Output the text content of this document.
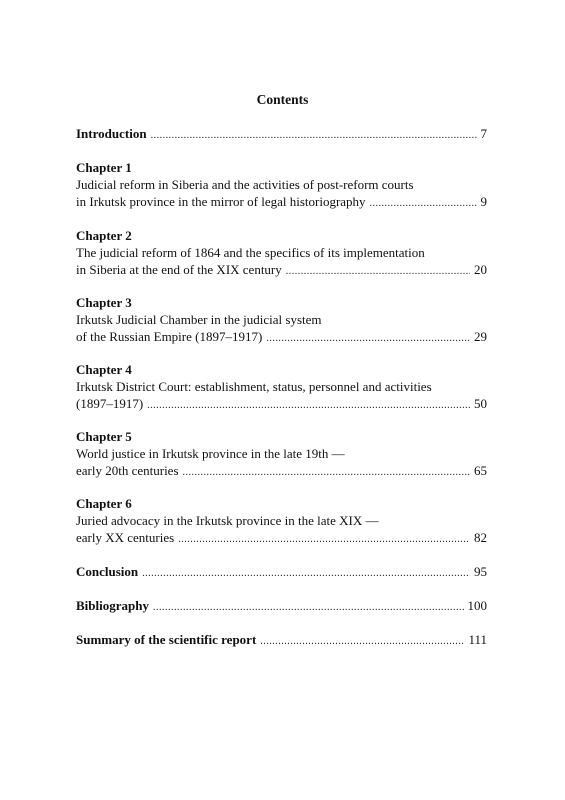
Contents
Introduction .....	7
Chapter 1
Judicial reform in Siberia and the activities of post-reform courts
in Irkutsk province in the mirror of legal historiography .....	9
Chapter 2
The judicial reform of 1864 and the specifics of its implementation
in Siberia at the end of the XIX century .....	20
Chapter 3
Irkutsk Judicial Chamber in the judicial system
of the Russian Empire (1897–1917) .....	29
Chapter 4
Irkutsk District Court: establishment, status, personnel and activities
(1897–1917) .....	50
Chapter 5
World justice in Irkutsk province in the late 19th —
early 20th centuries .....	65
Chapter 6
Juried advocacy in the Irkutsk province in the late XIX —
early XX centuries .....	82
Conclusion .....	95
Bibliography .....	100
Summary of the scientific report .....	111
